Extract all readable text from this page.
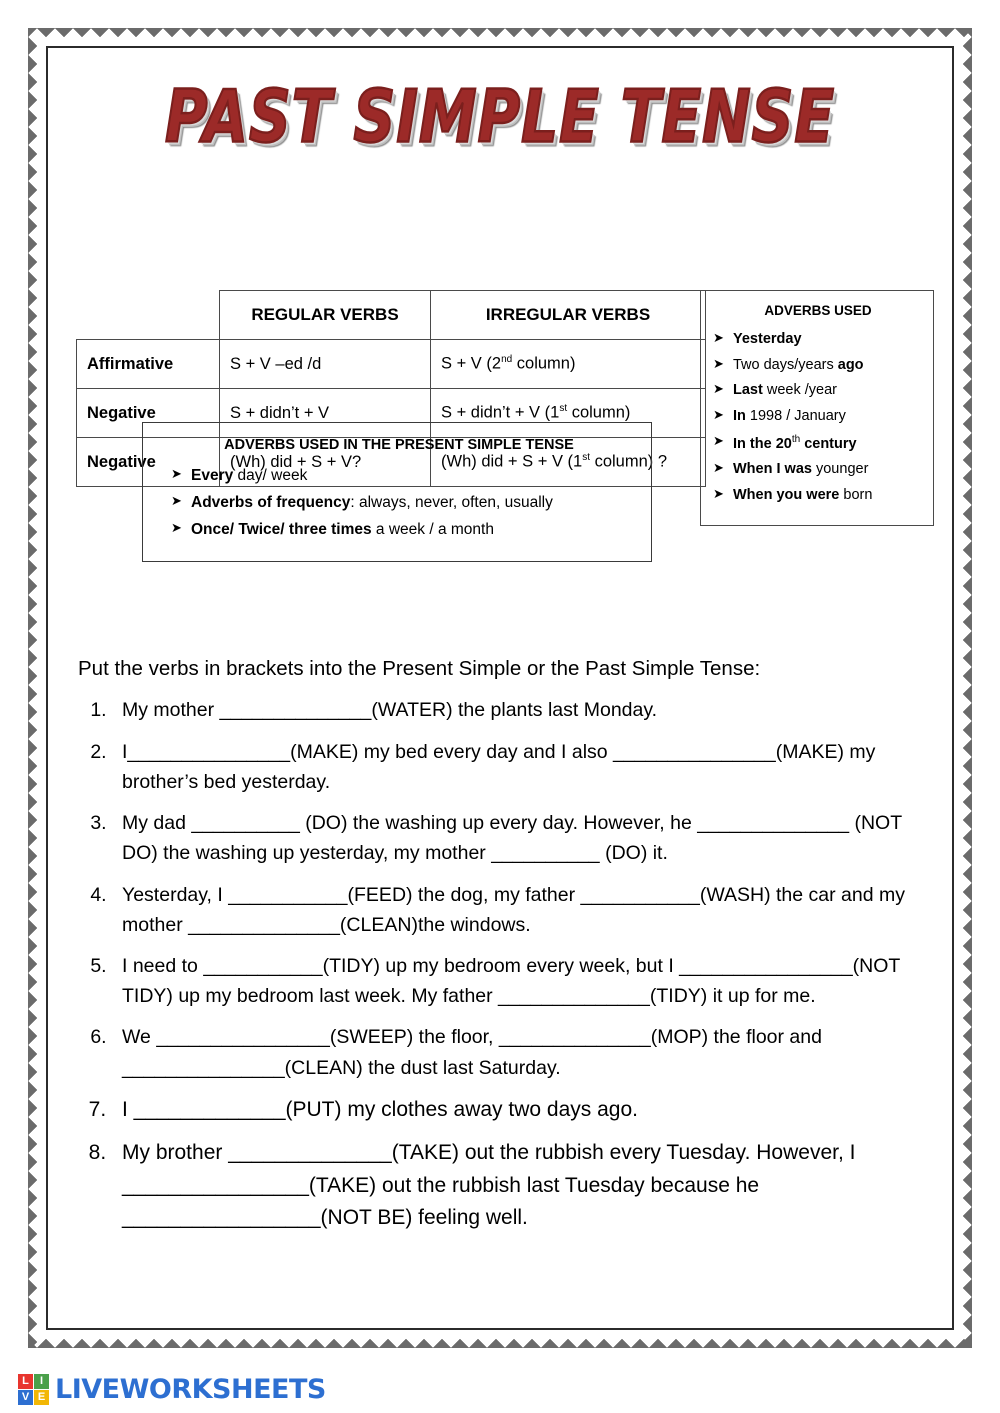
PAST SIMPLE TENSE
	REGULAR VERBS	IRREGULAR VERBS
Affirmative	S + V –ed /d	S + V (2nd column)
Negative	S + didn’t + V	S + didn’t + V (1st column)
Negative	(Wh) did + S + V?	(Wh) did + S + V (1st column) ?
ADVERBS USED
➤ Yesterday
➤ Two days/years ago
➤ Last week /year
➤ In 1998 / January
➤ In the 20th century
➤ When I was younger
➤ When you were born
ADVERBS USED IN THE PRESENT SIMPLE TENSE
➤ Every day/ week
➤ Adverbs of frequency: always, never, often, usually
➤ Once/ Twice/ three times a week / a month
Put the verbs in brackets into the Present Simple or the Past Simple Tense:
1. My mother ______________(WATER) the plants last Monday.
2. I_______________(MAKE) my bed every day and I also _______________(MAKE) my brother’s bed yesterday.
3. My dad __________ (DO) the washing up every day. However, he ______________ (NOT DO) the washing up yesterday, my mother __________ (DO) it.
4. Yesterday, I ___________(FEED) the dog, my father ___________(WASH) the car and my mother ______________(CLEAN)the windows.
5. I need to ___________(TIDY) up my bedroom every week, but I ________________(NOT TIDY) up my bedroom last week. My father ______________(TIDY) it up for me.
6. We ________________(SWEEP) the floor, ______________(MOP) the floor and _______________(CLEAN) the dust last Saturday.
7. I _____________(PUT) my clothes away two days ago.
8. My brother ______________(TAKE) out the rubbish every Tuesday. However, I ________________(TAKE) out the rubbish last Tuesday because he _________________(NOT BE) feeling well.
L	I
V E LIVEWORKSHEETS
